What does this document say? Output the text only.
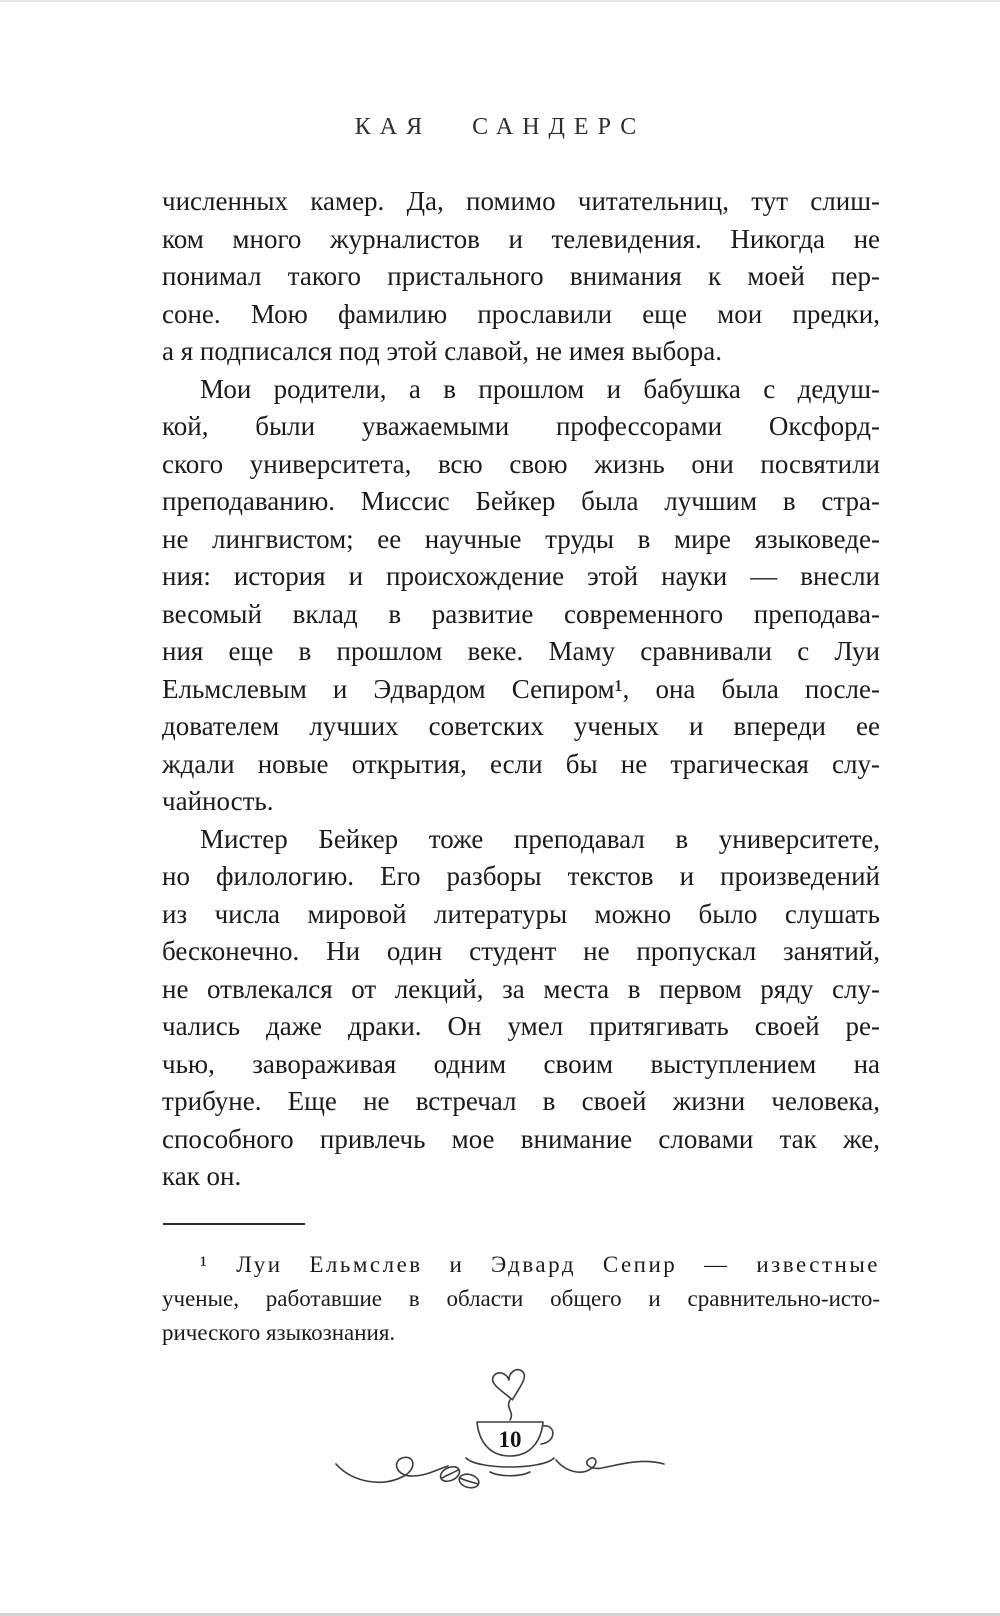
КАЯ САНДЕРС
численных камер. Да, помимо читательниц, тут слиш-
ком много журналистов и телевидения. Никогда не
понимал такого пристального внимания к моей пер-
соне. Мою фамилию прославили еще мои предки,
а я подписался под этой славой, не имея выбора.
Мои родители, а в прошлом и бабушка с дедуш-
кой, были уважаемыми профессорами Оксфорд-
ского университета, всю свою жизнь они посвятили
преподаванию. Миссис Бейкер была лучшим в стра-
не лингвистом; ее научные труды в мире языковеде-
ния: история и происхождение этой науки — внесли
весомый вклад в развитие современного преподава-
ния еще в прошлом веке. Маму сравнивали с Луи
Ельмслевым и Эдвардом Сепиром¹, она была после-
дователем лучших советских ученых и впереди ее
ждали новые открытия, если бы не трагическая слу-
чайность.
Мистер Бейкер тоже преподавал в университете,
но филологию. Его разборы текстов и произведений
из числа мировой литературы можно было слушать
бесконечно. Ни один студент не пропускал занятий,
не отвлекался от лекций, за места в первом ряду слу-
чались даже драки. Он умел притягивать своей ре-
чью, завораживая одним своим выступлением на
трибуне. Еще не встречал в своей жизни человека,
способного привлечь мое внимание словами так же,
как он.
¹ Луи Ельмслев и Эдвард Сепир — известные
ученые, работавшие в области общего и сравнительно-исто-
рического языкознания.
10
